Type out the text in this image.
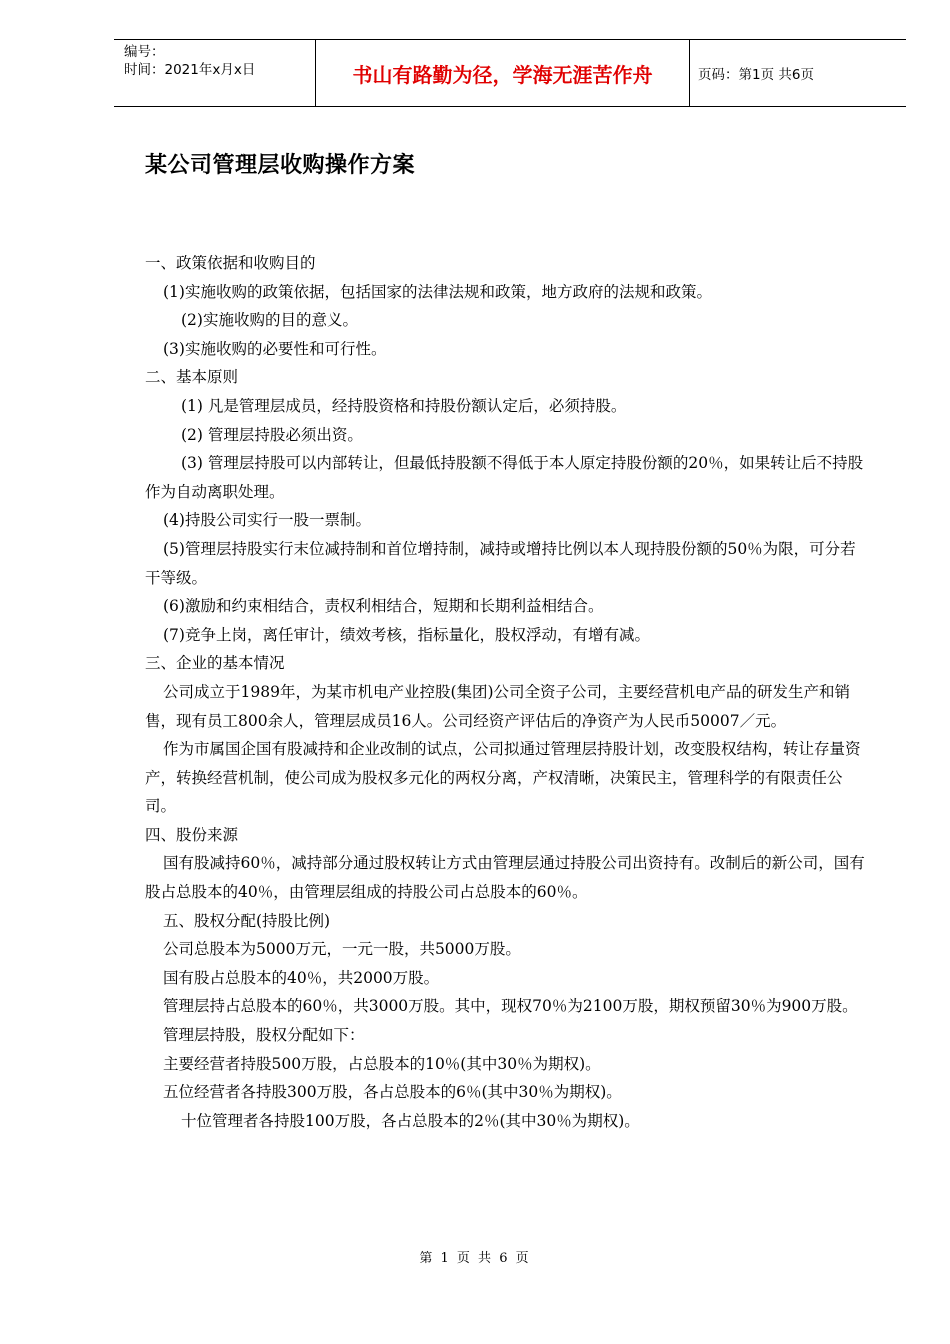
编号：
时间：2021年x月x日	书山有路勤为径，学海无涯苦作舟	页码：第1页 共6页
某公司管理层收购操作方案

一、政策依据和收购目的

(1)实施收购的政策依据，包括国家的法律法规和政策，地方政府的法规和政策。

(2)实施收购的目的意义。

(3)实施收购的必要性和可行性。

二、基本原则

(1) 凡是管理层成员，经持股资格和持股份额认定后，必须持股。

(2) 管理层持股必须出资。

(3) 管理层持股可以内部转让，但最低持股额不得低于本人原定持股份额的20％，如果转让后不持股作为自动离职处理。

(4)持股公司实行一股一票制。

(5)管理层持股实行末位减持制和首位增持制，减持或增持比例以本人现持股份额的50％为限，可分若干等级。

(6)激励和约束相结合，责权利相结合，短期和长期利益相结合。

(7)竞争上岗，离任审计，绩效考核，指标量化，股权浮动，有增有减。

三、企业的基本情况

公司成立于1989年，为某市机电产业控股(集团)公司全资子公司，主要经营机电产品的研发生产和销售，现有员工800余人，管理层成员16人。公司经资产评估后的净资产为人民币50007／元。

作为市属国企国有股减持和企业改制的试点，公司拟通过管理层持股计划，改变股权结构，转让存量资产，转换经营机制，使公司成为股权多元化的两权分离，产权清晰，决策民主，管理科学的有限责任公司。

四、股份来源

国有股减持60％，减持部分通过股权转让方式由管理层通过持股公司出资持有。改制后的新公司，国有股占总股本的40％，由管理层组成的持股公司占总股本的60％。

五、股权分配(持股比例)

公司总股本为5000万元，一元一股，共5000万股。

国有股占总股本的40％，共2000万股。

管理层持占总股本的60％，共3000万股。其中，现权70％为2100万股，期权预留30％为900万股。

管理层持股，股权分配如下：

主要经营者持股500万股，占总股本的10％(其中30％为期权)。

五位经营者各持股300万股，各占总股本的6％(其中30％为期权)。

十位管理者各持股100万股，各占总股本的2％(其中30％为期权)。

第 1 页 共 6 页
